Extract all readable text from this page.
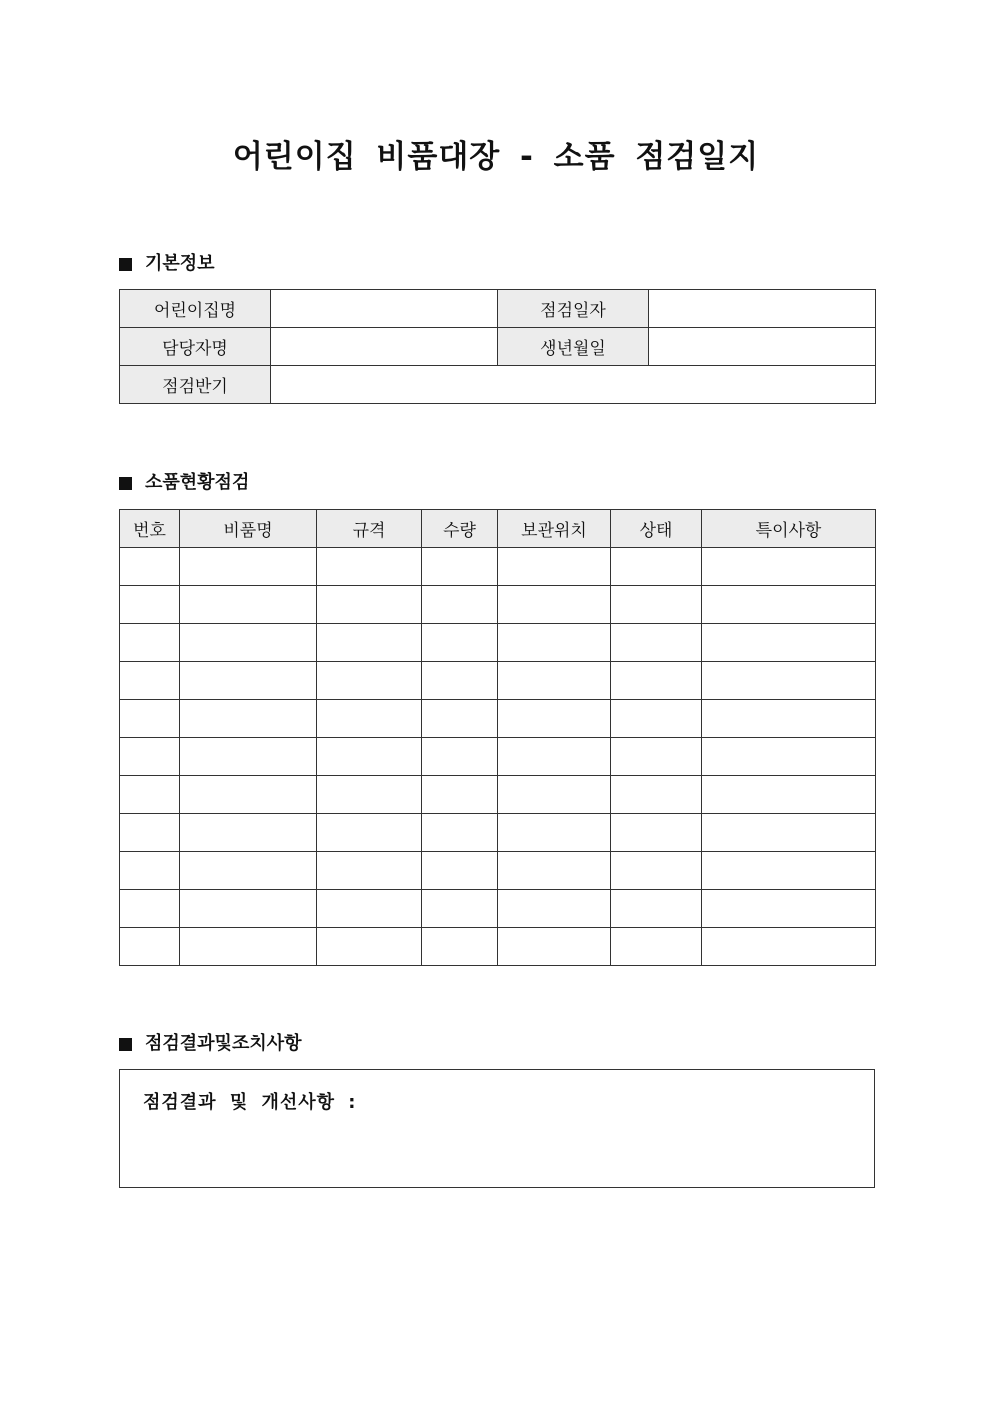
어린이집 비품대장 - 소품 점검일지
기본정보
어린이집명		점검일자	
담당자명		생년월일	
점검반기			
소품현황점검
번호	비품명	규격	수량	보관위치	상태	특이사항

점검결과및조치사항
점검결과 및 개선사항 :
